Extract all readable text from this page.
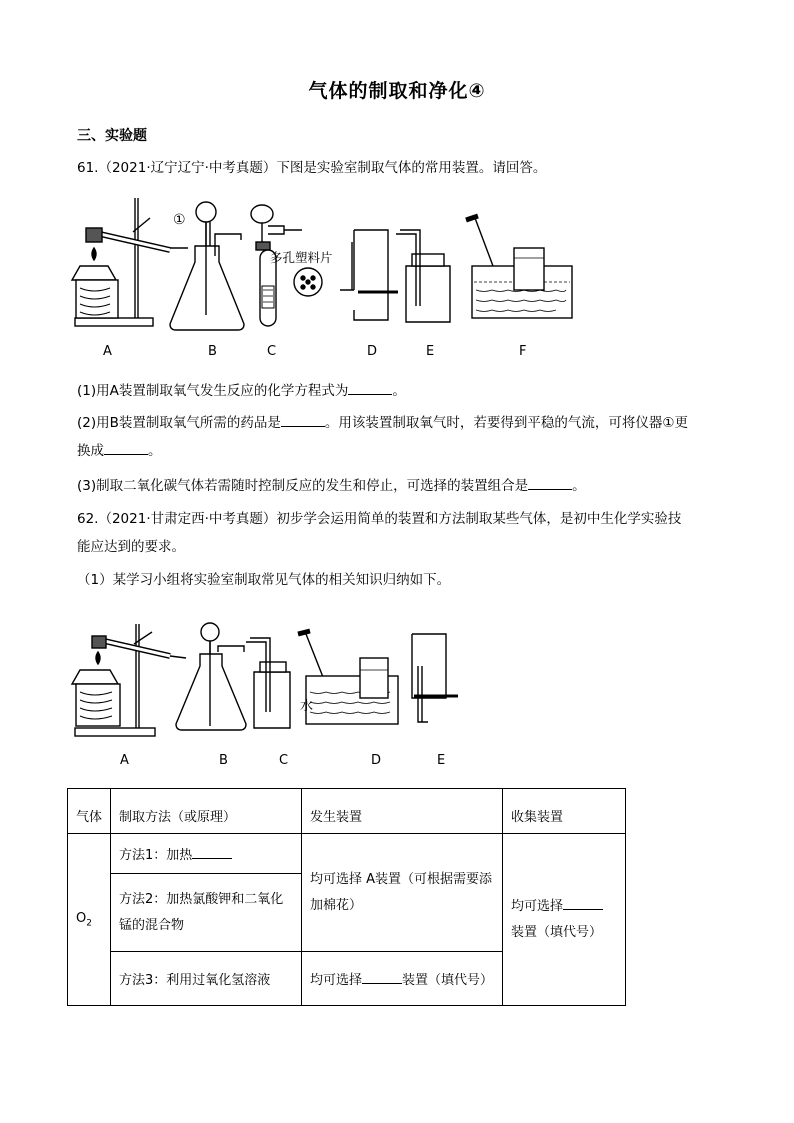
气体的制取和净化④
三、实验题
61.（2021·辽宁辽宁·中考真题）下图是实验室制取气体的常用装置。请回答。
①
多孔塑料片
A	B	C	D	E	F
(1)用A装置制取氧气发生反应的化学方程式为	。
(2)用B装置制取氧气所需的药品是	。用该装置制取氧气时，若要得到平稳的气流，可将仪器①更
换成	。
(3)制取二氧化碳气体若需随时控制反应的发生和停止，可选择的装置组合是	。
62.（2021·甘肃定西·中考真题）初步学会运用简单的装置和方法制取某些气体，是初中生化学实验技
能应达到的要求。
（1）某学习小组将实验室制取常见气体的相关知识归纳如下。
水
A	B	C	D	E
气体	制取方法（或原理）	发生装置	收集装置
$O_2$	方法1：加热	均可选择 A装置（可根据需要添加棉花）	均可选择
装置（填代号）
	方法2：加热氯酸钾和二氧化锰的混合物		
	方法3：利用过氧化氢溶液	均可选择 装置（填代号）	
